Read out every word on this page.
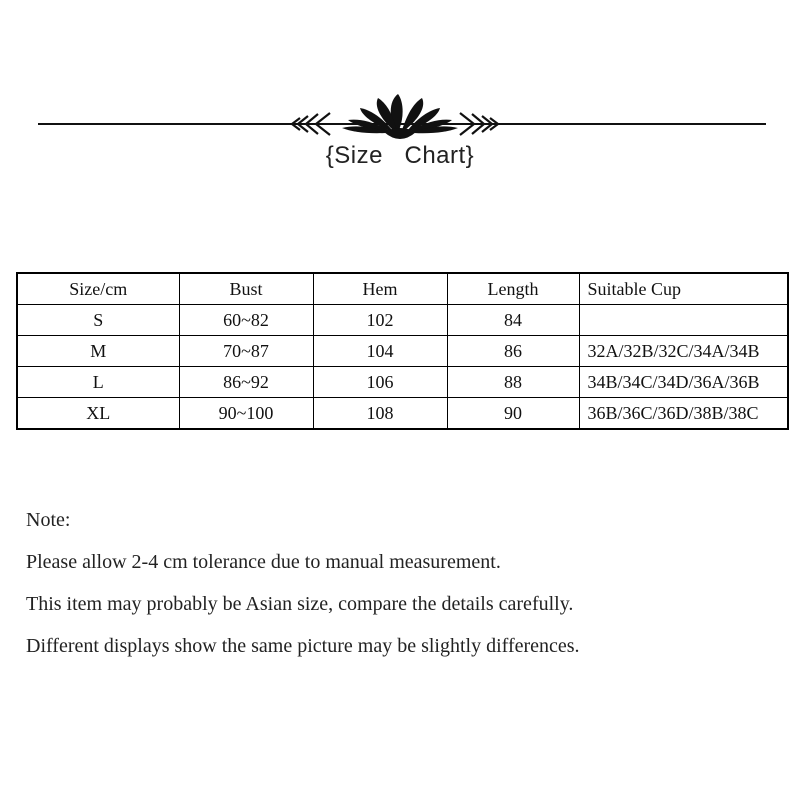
{Size   Chart}
Size/cm	Bust	Hem	Length	Suitable Cup
S	60~82	102	84	
M	70~87	104	86	32A/32B/32C/34A/34B
L	86~92	106	88	34B/34C/34D/36A/36B
XL	90~100	108	90	36B/36C/36D/38B/38C
Note:
Please allow 2-4 cm tolerance due to manual measurement.
This item may probably be Asian size, compare the details carefully.
Different displays show the same picture may be slightly differences.
